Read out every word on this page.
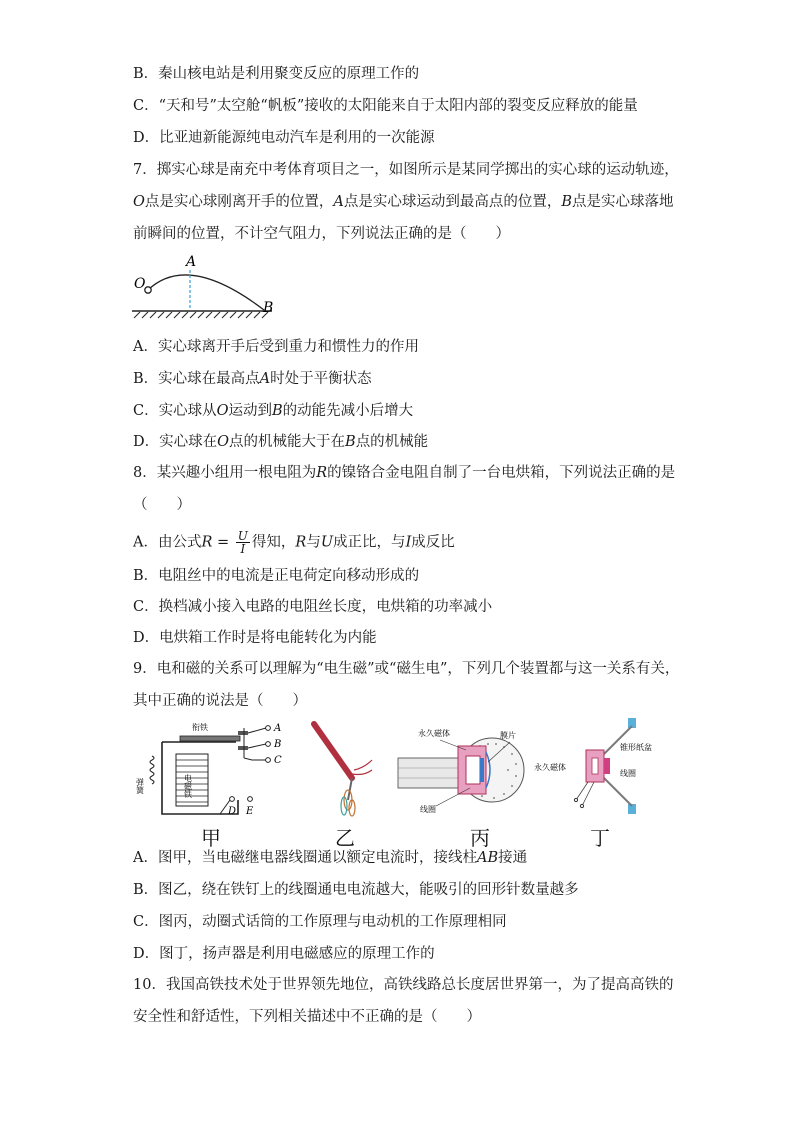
B．秦山核电站是利用聚变反应的原理工作的
C．“天和号”太空舱“帆板”接收的太阳能来自于太阳内部的裂变反应释放的能量
D．比亚迪新能源纯电动汽车是利用的一次能源
7．掷实心球是南充中考体育项目之一，如图所示是某同学掷出的实心球的运动轨迹，
O点是实心球刚离开手的位置，A点是实心球运动到最高点的位置，B点是实心球落地
前瞬间的位置，不计空气阻力，下列说法正确的是（　　）
O
A
B
A．实心球离开手后受到重力和惯性力的作用
B．实心球在最高点A时处于平衡状态
C．实心球从O运动到B的动能先减小后增大
D．实心球在O点的机械能大于在B点的机械能
8．某兴趣小组用一根电阻为R的镍铬合金电阻自制了一台电烘箱，下列说法正确的是
（　　）
A．由公式$R = \frac{U}{I}$ 得知，R与U成正比，与I成反比
B．电阻丝中的电流是正电荷定向移动形成的
C．换档减小接入电路的电阻丝长度，电烘箱的功率减小
D．电烘箱工作时是将电能转化为内能
9．电和磁的关系可以理解为“电生磁”或“磁生电”，下列几个装置都与这一关系有关，
其中正确的说法是（　　）
衔铁
弹簧	电磁铁
A
B
C
D E
永久磁体
线圈
膜片
永久磁体
锥形纸盆
线圈
甲	乙	丙	丁
A．图甲，当电磁继电器线圈通以额定电流时，接线柱AB接通
B．图乙，绕在铁钉上的线圈通电电流越大，能吸引的回形针数量越多
C．图丙，动圈式话筒的工作原理与电动机的工作原理相同
D．图丁，扬声器是利用电磁感应的原理工作的
10．我国高铁技术处于世界领先地位，高铁线路总长度居世界第一，为了提高高铁的
安全性和舒适性，下列相关描述中不正确的是（　　）
